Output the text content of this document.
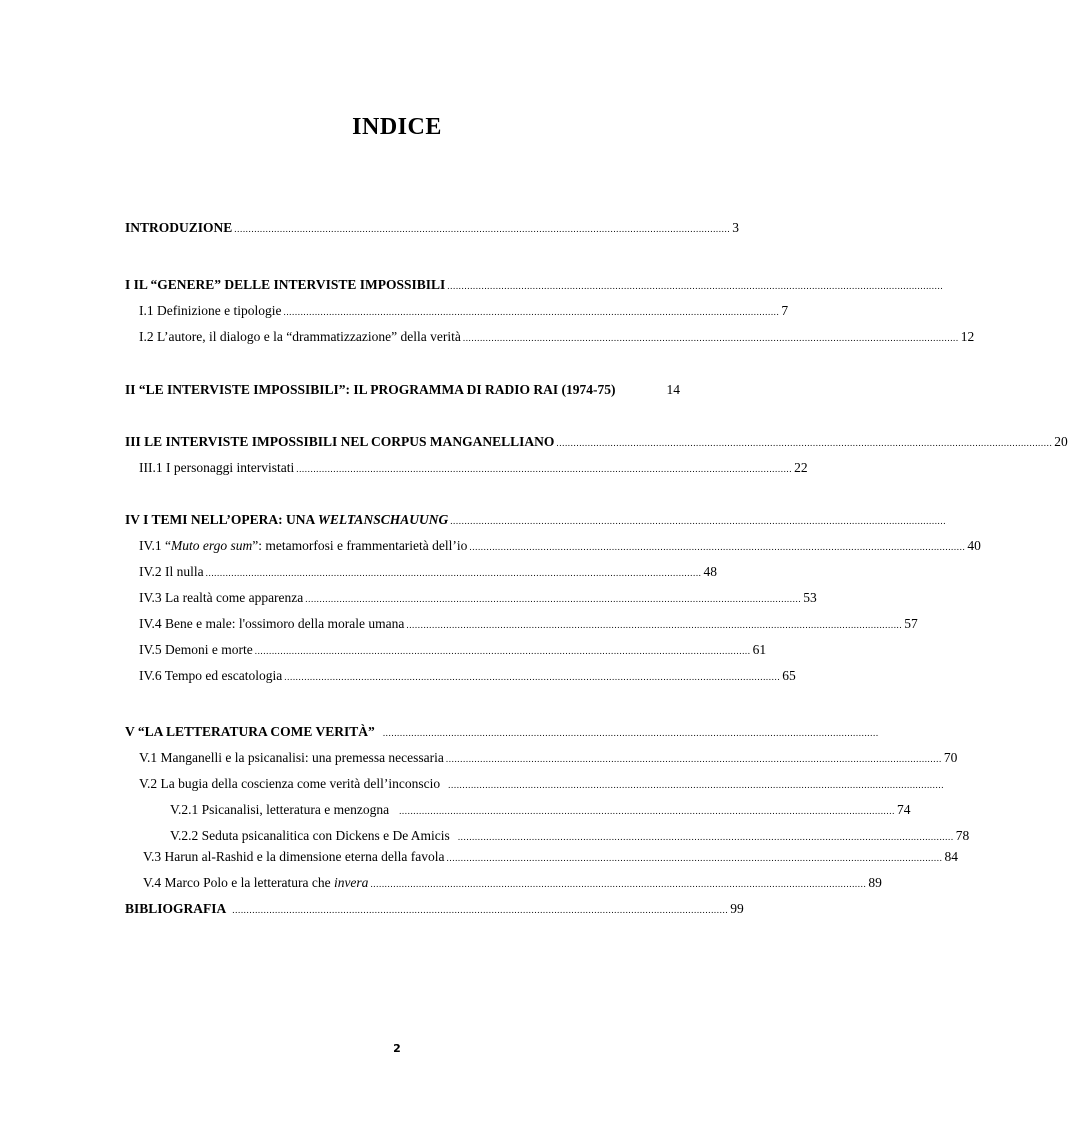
INDICE
INTRODUZIONE .............................................................................................................................................................................. 3
I IL “GENERE” DELLE INTERVISTE IMPOSSIBILI ..............................................................................................................................................................................
I.1 Definizione e tipologie .............................................................................................................................................................................. 7
I.2 L’autore, il dialogo e la “drammatizzazione” della verità .............................................................................................................................................................................. 12
II “LE INTERVISTE IMPOSSIBILI”: IL PROGRAMMA DI RADIO RAI (1974-75)	14
III LE INTERVISTE IMPOSSIBILI NEL CORPUS MANGANELLIANO .............................................................................................................................................................................. 20
III.1 I personaggi intervistati .............................................................................................................................................................................. 22
IV I TEMI NELL’OPERA: UNA WELTANSCHAUUNG ..............................................................................................................................................................................
IV.1 “Muto ergo sum”: metamorfosi e frammentarietà dell’io .............................................................................................................................................................................. 40
IV.2 Il nulla .............................................................................................................................................................................. 48
IV.3 La realtà come apparenza .............................................................................................................................................................................. 53
IV.4 Bene e male: l'ossimoro della morale umana .............................................................................................................................................................................. 57
IV.5 Demoni e morte .............................................................................................................................................................................. 61
IV.6 Tempo ed escatologia .............................................................................................................................................................................. 65
V “LA LETTERATURA COME VERITÀ” ..............................................................................................................................................................................
V.1 Manganelli e la psicanalisi: una premessa necessaria .............................................................................................................................................................................. 70
V.2 La bugia della coscienza come verità dell’inconscio ..............................................................................................................................................................................
V.2.1 Psicanalisi, letteratura e menzogna .............................................................................................................................................................................. 74
V.2.2 Seduta psicanalitica con Dickens e De Amicis .............................................................................................................................................................................. 78
V.3 Harun al-Rashid e la dimensione eterna della favola .............................................................................................................................................................................. 84
V.4 Marco Polo e la letteratura che invera .............................................................................................................................................................................. 89
BIBLIOGRAFIA .............................................................................................................................................................................. 99
2
